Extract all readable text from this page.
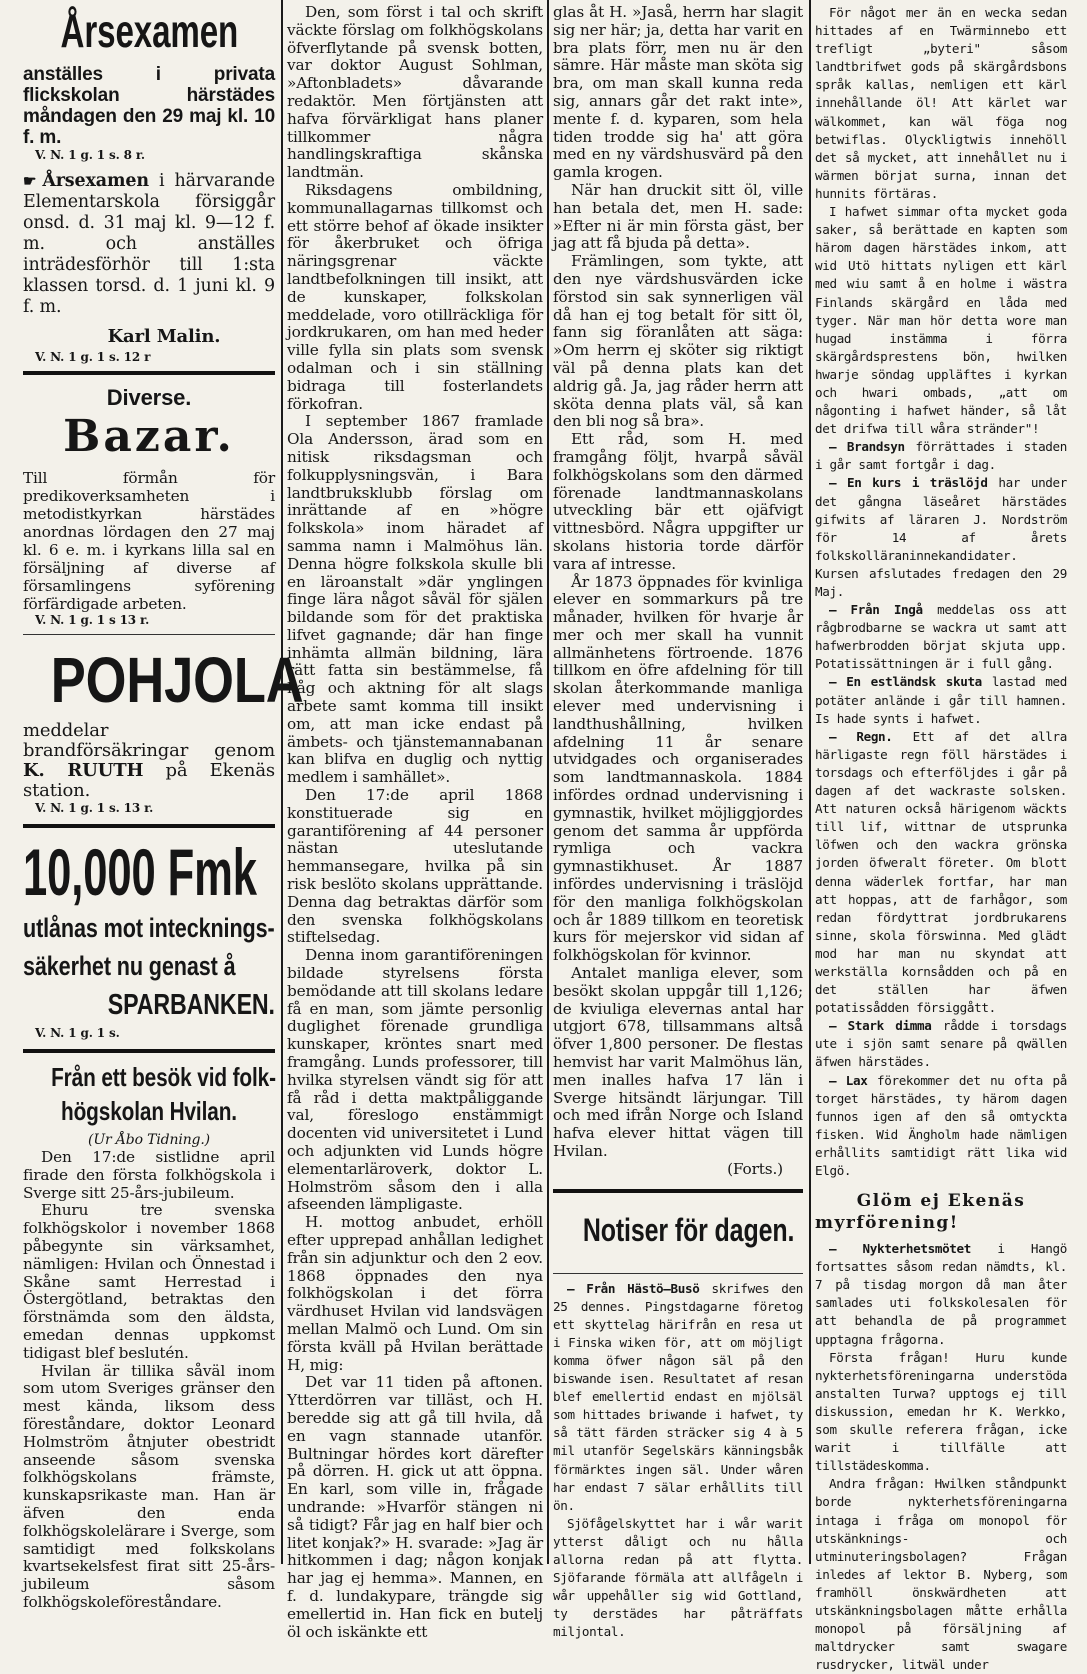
Årsexamen

anställes i privata flickskolan härstädes måndagen den 29 maj kl. 10 f. m.

V. N. 1 g. 1 s. 8 r.

☛ Årsexamen i härvarande Elementarskola försiggår onsd. d. 31 maj kl. 9—12 f. m. och anställes inträdesförhör till 1:sta klassen torsd. d. 1 juni kl. 9 f. m.

Karl Malin.

V. N. 1 g. 1 s. 12 r

Diverse.

Bazar.

Till förmån för predikoverksamheten i metodistkyrkan härstädes anordnas lördagen den 27 maj kl. 6 e. m. i kyrkans lilla sal en försäljning af diverse af församlingens syförening förfärdigade arbeten.

V. N. 1 g. 1 s 13 r.
POHJOLA

meddelar brandförsäkringar genom K. RUUTH på Ekenäs station.

V. N. 1 g. 1 s. 13 r.
10,000 Fmk
utlånas mot intecknings-
säkerhet nu genast å
SPARBANKEN.
V. N. 1 g. 1 s.
Från ett besök vid folk-
högskolan Hvilan.

(Ur Åbo Tidning.)

Den 17:de sistlidne april firade den första folkhögskola i Sverge sitt 25-års-jubileum.

Ehuru tre svenska folkhögskolor i november 1868 påbegynte sin värksamhet, nämligen: Hvilan och Önnestad i Skåne samt Herrestad i Östergötland, betraktas den förstnämda som den äldsta, emedan dennas uppkomst tidigast blef beslutén.

Hvilan är tillika såväl inom som utom Sveriges gränser den mest kända, liksom dess föreståndare, doktor Leonard Holmström åtnjuter obestridt anseende såsom svenska folkhögskolans främste, kunskapsrikaste man. Han är äfven den enda folkhögskolelärare i Sverge, som samtidigt med folkskolans kvartsekelsfest firat sitt 25-års-jubileum såsom folkhögskoleföreståndare.

Den, som först i tal och skrift väckte förslag om folkhögskolans öfverflytande på svensk botten, var doktor August Sohlman, »Aftonbladets» dåvarande redaktör. Men förtjänsten att hafva förvärkligat hans planer tillkommer några handlingskraftiga skånska landtmän.

Riksdagens ombildning, kommunallagarnas tillkomst och ett större behof af ökade insikter för åkerbruket och öfriga näringsgrenar väckte landtbefolkningen till insikt, att de kunskaper, folkskolan meddelade, voro otillräckliga för jordkrukaren, om han med heder ville fylla sin plats som svensk odalman och i sin ställning bidraga till fosterlandets förkofran.

I september 1867 framlade Ola Andersson, ärad som en nitisk riksdagsman och folkupplysningsvän, i Bara landtbruksklubb förslag om inrättande af en »högre folkskola» inom häradet af samma namn i Malmöhus län. Denna högre folkskola skulle bli en läroanstalt »där ynglingen finge lära något såväl för själen bildande som för det praktiska lifvet gagnande; där han finge inhämta allmän bildning, lära rätt fatta sin bestämmelse, få håg och aktning för alt slags arbete samt komma till insikt om, att man icke endast på ämbets- och tjänstemannabanan kan blifva en duglig och nyttig medlem i samhället».

Den 17:de april 1868 konstituerade sig en garantiförening af 44 personer nästan uteslutande hemmansegare, hvilka på sin risk beslöto skolans upprättande. Denna dag betraktas därför som den svenska folkhögskolans stiftelsedag.

Denna inom garantiföreningen bildade styrelsens första bemödande att till skolans ledare få en man, som jämte personlig duglighet förenade grundliga kunskaper, kröntes snart med framgång. Lunds professorer, till hvilka styrelsen vändt sig för att få råd i detta maktpåliggande val, föreslogo enstämmigt docenten vid universitetet i Lund och adjunkten vid Lunds högre elementarläroverk, doktor L. Holmström såsom den i alla afseenden lämpligaste.

H. mottog anbudet, erhöll efter upprepad anhållan ledighet från sin adjunktur och den 2 eov. 1868 öppnades den nya folkhögskolan i det förra värdhuset Hvilan vid landsvägen mellan Malmö och Lund. Om sin första kväll på Hvilan berättade H, mig:

Det var 11 tiden på aftonen. Ytterdörren var tilläst, och H. beredde sig att gå till hvila, då en vagn stannade utanför. Bultningar hördes kort därefter på dörren. H. gick ut att öppna. En karl, som ville in, frågade undrande: »Hvarför stängen ni så tidigt? Får jag en half bier och litet konjak?» H. svarade: »Jag är hitkommen i dag; någon konjak har jag ej hemma». Mannen, en f. d. lundakypare, trängde sig emellertid in. Han fick en butelj öl och iskänkte ett

glas åt H. »Jaså, herrn har slagit sig ner här; ja, detta har varit en bra plats förr, men nu är den sämre. Här måste man sköta sig bra, om man skall kunna reda sig, annars går det rakt inte», mente f. d. kyparen, som hela tiden trodde sig ha' att göra med en ny värdshusvärd på den gamla krogen.

När han druckit sitt öl, ville han betala det, men H. sade: »Efter ni är min första gäst, ber jag att få bjuda på detta».

Främlingen, som tykte, att den nye värdshusvärden icke förstod sin sak synnerligen väl då han ej tog betalt för sitt öl, fann sig föranlåten att säga: »Om herrn ej sköter sig riktigt väl på denna plats kan det aldrig gå. Ja, jag råder herrn att sköta denna plats väl, så kan den bli nog så bra».

Ett råd, som H. med framgång följt, hvarpå såväl folkhögskolans som den därmed förenade landtmannaskolans utveckling bär ett ojäfvigt vittnesbörd. Några uppgifter ur skolans historia torde därför vara af intresse.

År 1873 öppnades för kvinliga elever en sommarkurs på tre månader, hvilken för hvarje år mer och mer skall ha vunnit allmänhetens förtroende. 1876 tillkom en öfre afdelning för till skolan återkommande manliga elever med undervisning i landthushållning, hvilken afdelning 11 år senare utvidgades och organiserades som landtmannaskola. 1884 infördes ordnad undervisning i gymnastik, hvilket möjliggjordes genom det samma år uppförda rymliga och vackra gymnastikhuset. År 1887 infördes undervisning i träslöjd för den manliga folkhögskolan och år 1889 tillkom en teoretisk kurs för mejerskor vid sidan af folkhögskolan för kvinnor.

Antalet manliga elever, som besökt skolan uppgår till 1,126; de kviuliga elevernas antal har utgjort 678, tillsammans altså öfver 1,800 personer. De flestas hemvist har varit Malmöhus län, men inalles hafva 17 län i Sverge hitsändt lärjungar. Till och med ifrån Norge och Island hafva elever hittat vägen till Hvilan.

(Forts.)

Notiser för dagen.

— Från Hästö—Busö skrifwes den 25 dennes. Pingstdagarne företog ett skyttelag härifrån en resa ut i Finska wiken för, att om möjligt komma öfwer någon säl på den biswande isen. Resultatet af resan blef emellertid endast en mjölsäl som hittades briwande i hafwet, ty så tätt färden sträcker sig 4 à 5 mil utanför Segelskärs känningsbåk förmärktes ingen säl. Under wåren har endast 7 sälar erhållits till ön.

Sjöfågelskyttet har i wår warit ytterst dåligt och nu hålla allorna redan på att flytta. Sjöfarande förmäla att allfågeln i wår uppehåller sig wid Gottland, ty derstädes har påträffats miljontal.

För något mer än en wecka sedan hittades af en Twärminnebo ett trefligt „byteri" såsom landtbrifwet gods på skärgårdsbons språk kallas, nemligen ett kärl innehållande öl! Att kärlet war wälkommet, kan wäl föga nog betwiflas. Olyckligtwis innehöll det så mycket, att innehållet nu i wärmen börjat surna, innan det hunnits förtäras.

I hafwet simmar ofta mycket goda saker, så berättade en kapten som härom dagen härstädes inkom, att wid Utö hittats nyligen ett kärl med wiu samt å en holme i wästra Finlands skärgård en låda med tyger. När man hör detta wore man hugad instämma i förra skärgårdsprestens bön, hwilken hwarje söndag uppläftes i kyrkan och hwari ombads, „att om någonting i hafwet händer, så låt det drifwa till wåra stränder"!

— Brandsyn förrättades i staden i går samt fortgår i dag.

— En kurs i träslöjd har under det gångna läseåret härstädes gifwits af läraren J. Nordström för 14 af årets folkskolläraninnekandidater. Kursen afslutades fredagen den 29 Maj.

— Från Ingå meddelas oss att rågbrodbarne se wackra ut samt att hafwerbrodden börjat skjuta upp. Potatissättningen är i full gång.

— En estländsk skuta lastad med potäter anlände i går till hamnen. Is hade synts i hafwet.

— Regn. Ett af det allra härligaste regn föll härstädes i torsdags och efterföljdes i går på dagen af det wackraste solsken. Att naturen också härigenom wäckts till lif, wittnar de utsprunka löfwen och den wackra grönska jorden öfweralt företer. Om blott denna wäderlek fortfar, har man att hoppas, att de farhågor, som redan fördyttrat jordbrukarens sinne, skola förswinna. Med glädt mod har man nu skyndat att werkställa kornsådden och på en det ställen har äfwen potatissådden försiggått.

— Stark dimma rådde i torsdags ute i sjön samt senare på qwällen äfwen härstädes.

— Lax förekommer det nu ofta på torget härstädes, ty härom dagen funnos igen af den så omtyckta fisken. Wid Ängholm hade nämligen erhållits samtidigt rätt lika wid Elgö.

Glöm ej Ekenäs
myrförening!

— Nykterhetsmötet i Hangö fortsattes såsom redan nämdts, kl. 7 på tisdag morgon då man åter samlades uti folkskolesalen för att behandla de på programmet upptagna frågorna.

Första frågan! Huru kunde nykterhetsföreningarna understöda anstalten Turwa? upptogs ej till diskussion, emedan hr K. Werkko, som skulle referera frågan, icke warit i tillfälle att tillstädeskomma.

Andra frågan: Hwilken ståndpunkt borde nykterhetsföreningarna intaga i fråga om monopol för utskänknings- och utminuteringsbolagen? Frågan inledes af lektor B. Nyberg, som framhöll önskwärdheten att utskänkningsbolagen måtte erhålla monopol på försäljning af maltdrycker samt swagare rusdrycker, litwäl under
